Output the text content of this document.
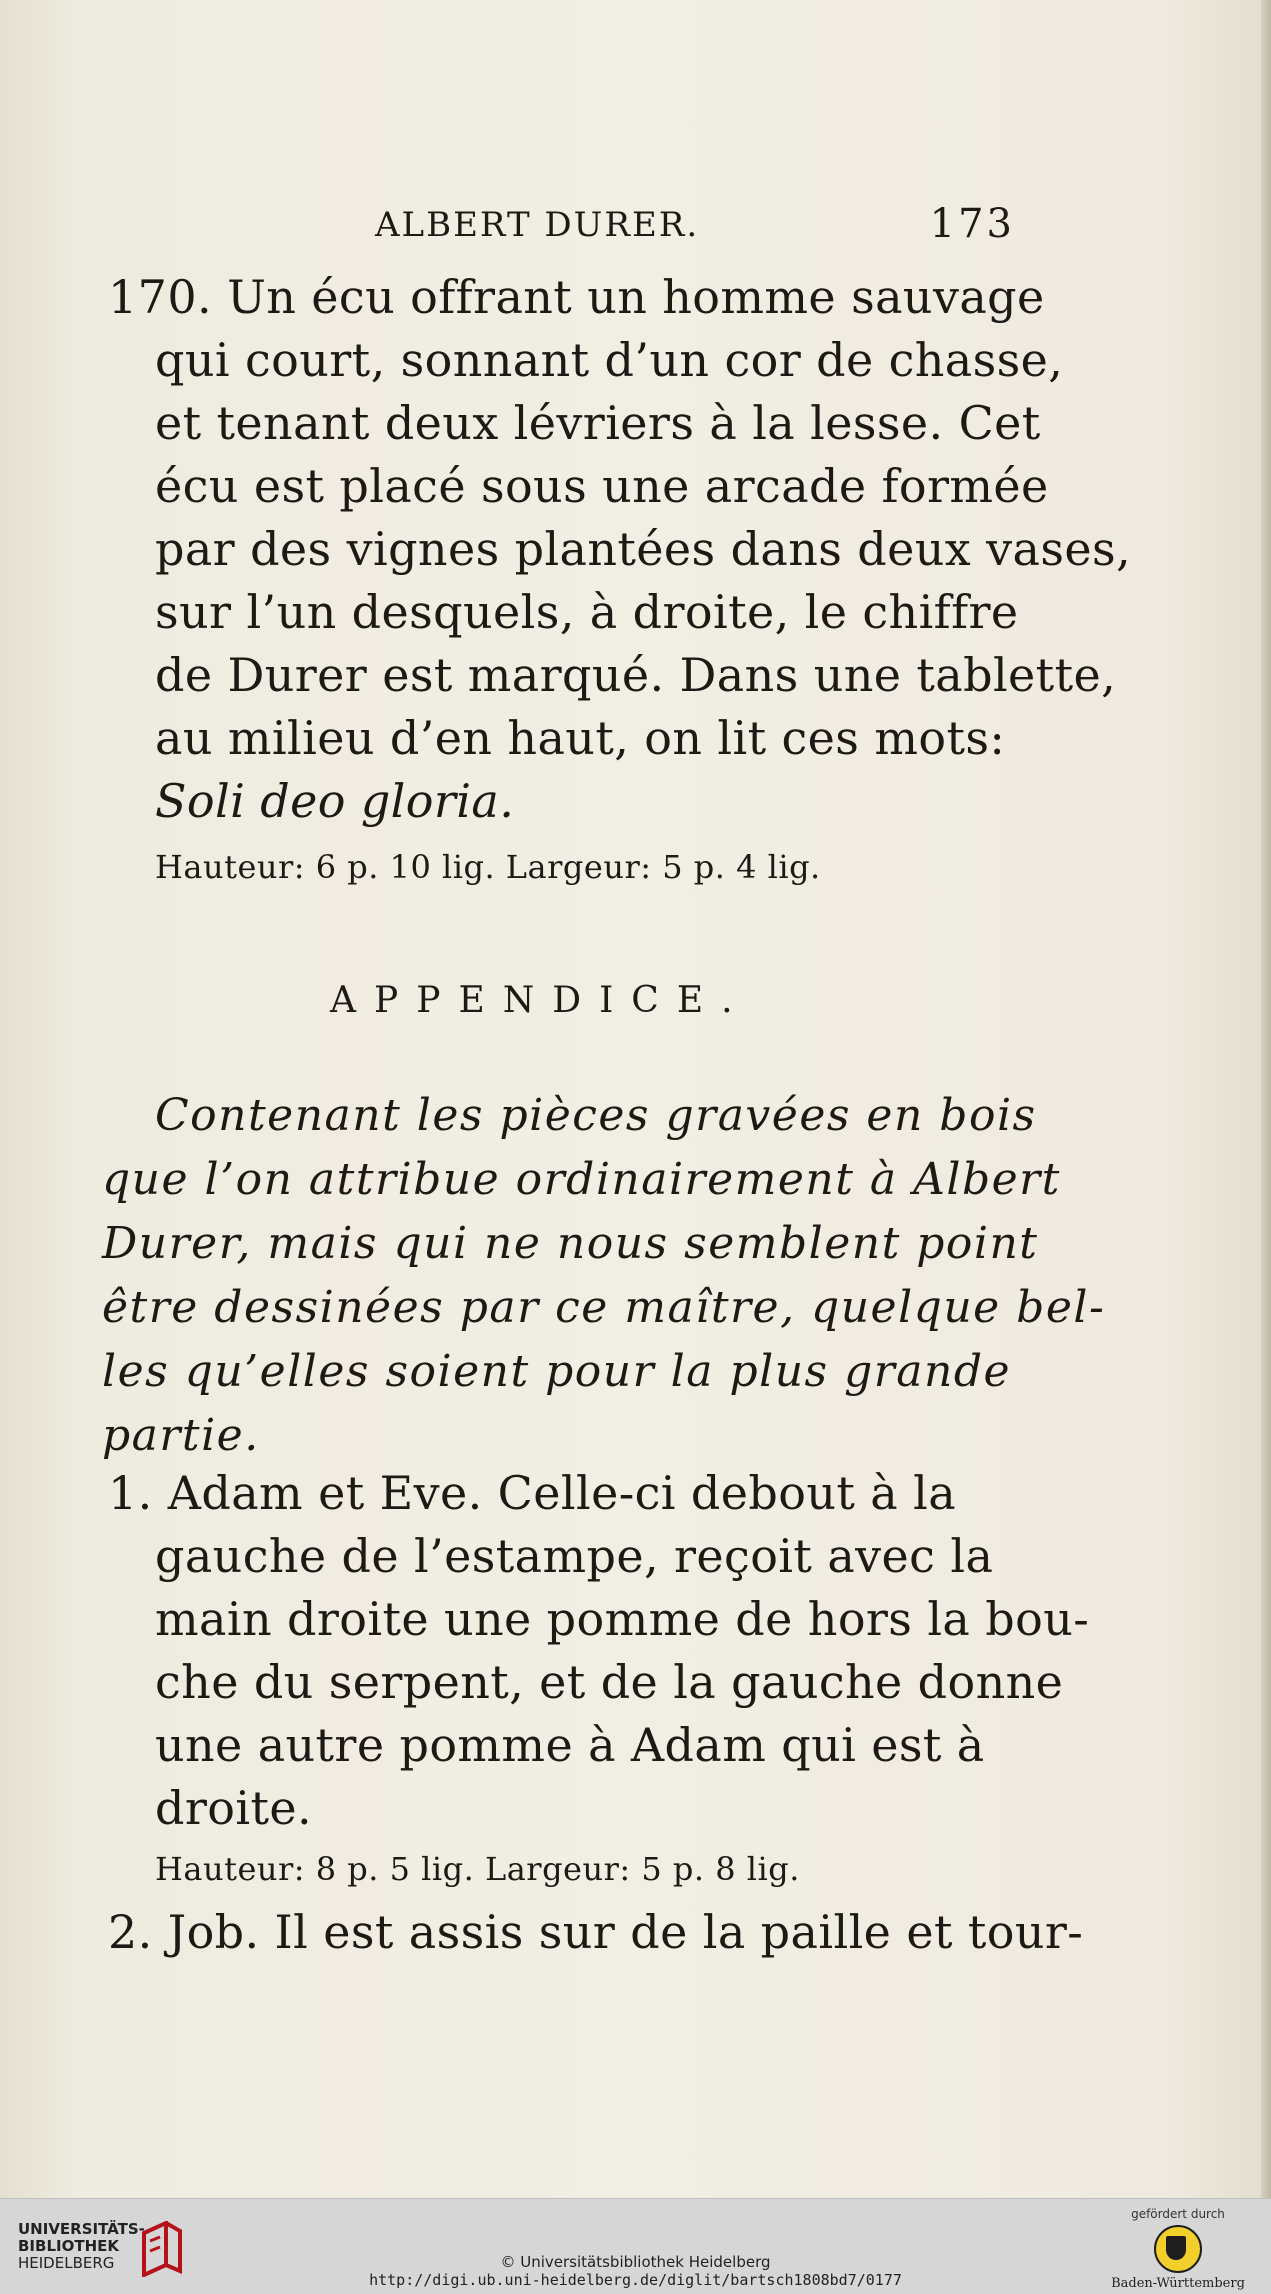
ALBERT DURER.	173
170. Un écu offrant un homme sauvage
qui court, sonnant d’un cor de chasse,
et tenant deux lévriers à la lesse. Cet
écu est placé sous une arcade formée
par des vignes plantées dans deux vases,
sur l’un desquels, à droite, le chiffre
de Durer est marqué. Dans une tablette,
au milieu d’en haut, on lit ces mots:
Soli deo gloria.
Hauteur: 6 p. 10 lig. Largeur: 5 p. 4 lig.
APPENDICE.
Contenant les pièces gravées en bois
que l’on attribue ordinairement à Albert
Durer, mais qui ne nous semblent point
être dessinées par ce maître, quelque bel-
les qu’elles soient pour la plus grande
partie.
1. Adam et Eve. Celle-ci debout à la
gauche de l’estampe, reçoit avec la
main droite une pomme de hors la bou-
che du serpent, et de la gauche donne
une autre pomme à Adam qui est à
droite.
Hauteur: 8 p. 5 lig. Largeur: 5 p. 8 lig.
2. Job. Il est assis sur de la paille et tour-
UNIVERSITÄTS-
BIBLIOTHEK
HEIDELBERG	© Universitätsbibliothek Heidelberg
http://digi.ub.uni-heidelberg.de/diglit/bartsch1808bd7/0177
gefördert durch
Baden-Württemberg
